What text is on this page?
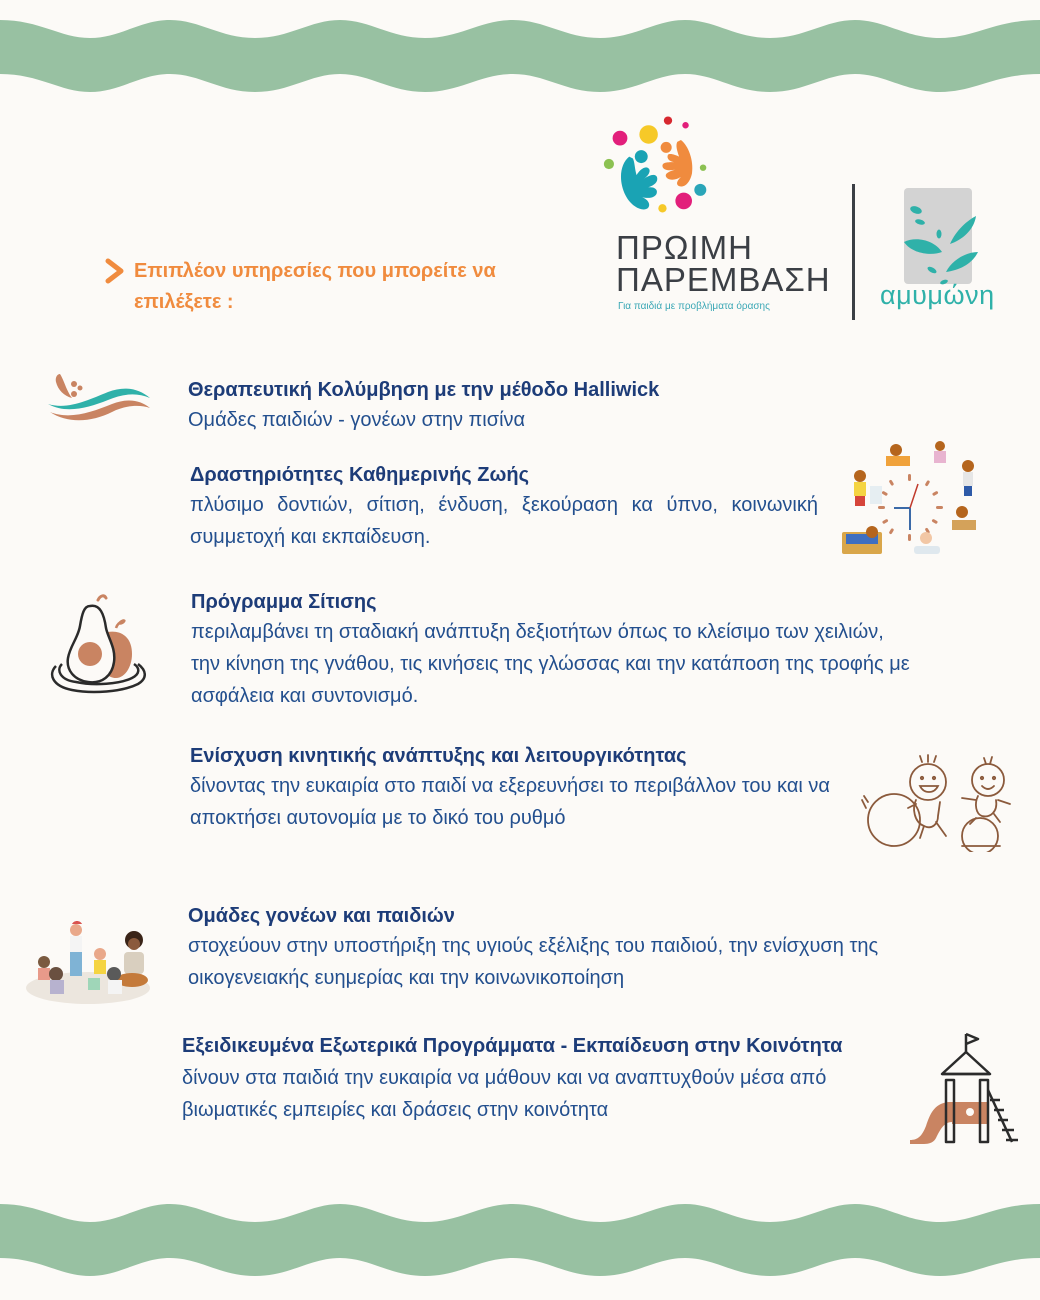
ΠΡΩΙΜΗ
ΠΑΡΕΜΒΑΣΗ
Για παιδιά με προβλήματα όρασης	αμυμώνη
Επιπλέον υπηρεσίες που μπορείτε να
επιλέξετε :
Θεραπευτική Κολύμβηση με την μέθοδο Halliwick
Ομάδες παιδιών - γονέων στην πισίνα
Δραστηριότητες Καθημερινής Ζωής
πλύσιμο δοντιών, σίτιση, ένδυση, ξεκούραση κα ύπνο, κοινωνική συμμετοχή και εκπαίδευση.
Πρόγραμμα Σίτισης
περιλαμβάνει τη σταδιακή ανάπτυξη δεξιοτήτων όπως το κλείσιμο των χειλιών, την κίνηση της γνάθου, τις κινήσεις της γλώσσας και την κατάποση της τροφής με ασφάλεια και συντονισμό.
Ενίσχυση κινητικής ανάπτυξης και λειτουργικότητας
δίνοντας την ευκαιρία στο παιδί να εξερευνήσει το περιβάλλον του και να αποκτήσει αυτονομία με το δικό του ρυθμό
Ομάδες γονέων και παιδιών
στοχεύουν στην υποστήριξη της υγιούς εξέλιξης του παιδιού, την ενίσχυση της οικογενειακής ευημερίας και την κοινωνικοποίηση
Εξειδικευμένα Εξωτερικά Προγράμματα - Εκπαίδευση στην Κοινότητα
δίνουν στα παιδιά την ευκαιρία να μάθουν και να αναπτυχθούν μέσα από βιωματικές εμπειρίες και δράσεις στην κοινότητα
